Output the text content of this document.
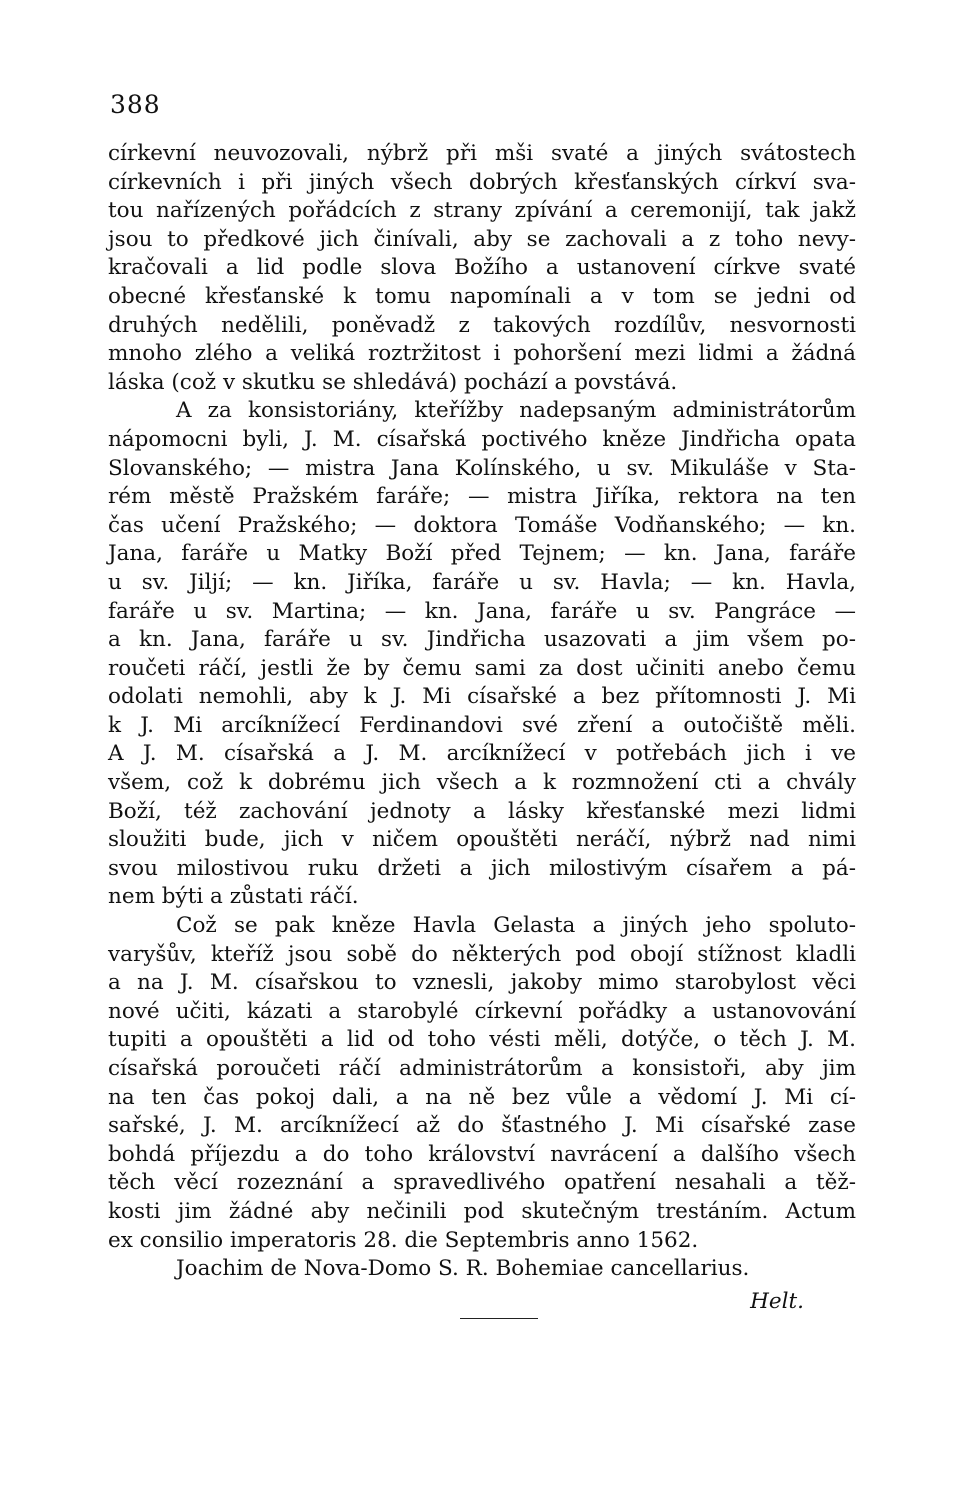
388
církevní neuvozovali, nýbrž při mši svaté a jiných svátostech
církevních i při jiných všech dobrých křesťanských církví sva-
tou nařízených pořádcích z strany zpívání a ceremonijí, tak jakž
jsou to předkové jich činívali, aby se zachovali a z toho nevy-
kračovali a lid podle slova Božího a ustanovení církve svaté
obecné křesťanské k tomu napomínali a v tom se jedni od
druhých nedělili, poněvadž z takových rozdílův, nesvornosti
mnoho zlého a veliká roztržitost i pohoršení mezi lidmi a žádná
láska (což v skutku se shledává) pochází a povstává.
A za konsistoriány, kteřížby nadepsaným administrátorům
nápomocni byli, J. M. císařská poctivého kněze Jindřicha opata
Slovanského; — mistra Jana Kolínského, u sv. Mikuláše v Sta-
rém městě Pražském faráře; — mistra Jiříka, rektora na ten
čas učení Pražského; — doktora Tomáše Vodňanského; — kn.
Jana, faráře u Matky Boží před Tejnem; — kn. Jana, faráře
u sv. Jiljí; — kn. Jiříka, faráře u sv. Havla; — kn. Havla,
faráře u sv. Martina; — kn. Jana, faráře u sv. Pangráce —
a kn. Jana, faráře u sv. Jindřicha usazovati a jim všem po-
roučeti ráčí, jestli že by čemu sami za dost učiniti anebo čemu
odolati nemohli, aby k J. Mi císařské a bez přítomnosti J. Mi
k J. Mi arcíknížecí Ferdinandovi své zření a outočiště měli.
A J. M. císařská a J. M. arcíknížecí v potřebách jich i ve
všem, což k dobrému jich všech a k rozmnožení cti a chvály
Boží, též zachování jednoty a lásky křesťanské mezi lidmi
sloužiti bude, jich v ničem opouštěti neráčí, nýbrž nad nimi
svou milostivou ruku držeti a jich milostivým císařem a pá-
nem býti a zůstati ráčí.
Což se pak kněze Havla Gelasta a jiných jeho spoluto-
varyšův, kteříž jsou sobě do některých pod obojí stížnost kladli
a na J. M. císařskou to vznesli, jakoby mimo starobylost věci
nové učiti, kázati a starobylé církevní pořádky a ustanovování
tupiti a opouštěti a lid od toho vésti měli, dotýče, o těch J. M.
císařská poroučeti ráčí administrátorům a konsistoři, aby jim
na ten čas pokoj dali, a na ně bez vůle a vědomí J. Mi cí-
sařské, J. M. arcíknížecí až do šťastného J. Mi císařské zase
bohdá příjezdu a do toho království navrácení a dalšího všech
těch věcí rozeznání a spravedlivého opatření nesahali a těž-
kosti jim žádné aby nečinili pod skutečným trestáním. Actum
ex consilio imperatoris 28. die Septembris anno 1562.
Joachim de Nova-Domo S. R. Bohemiae cancellarius.
Helt.
